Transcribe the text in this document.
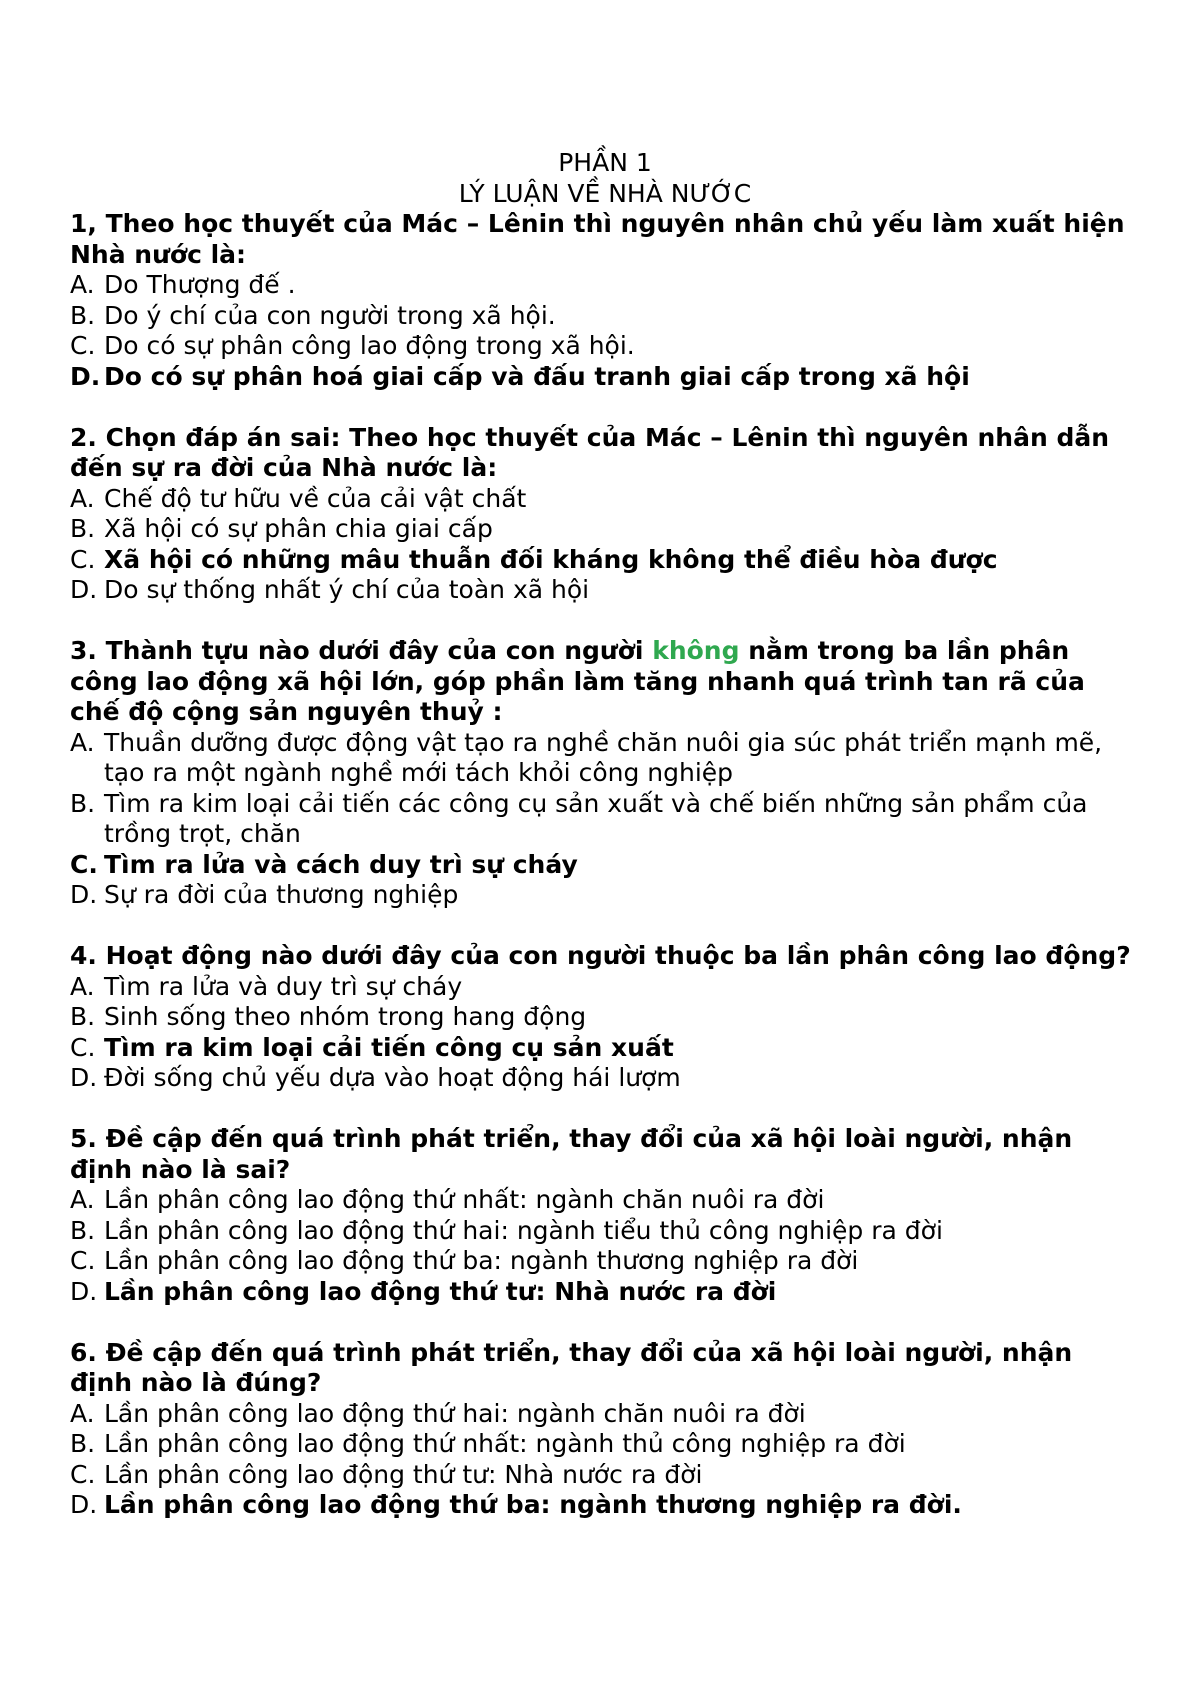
PHẦN 1
LÝ LUẬN VỀ NHÀ NƯỚC
1, Theo học thuyết của Mác – Lênin thì nguyên nhân chủ yếu làm xuất hiện Nhà nước là:
A. Do Thượng đế .
B. Do ý chí của con người trong xã hội.
C. Do có sự phân công lao động trong xã hội.
D. Do có sự phân hoá giai cấp và đấu tranh giai cấp trong xã hội
2. Chọn đáp án sai: Theo học thuyết của Mác – Lênin thì nguyên nhân dẫn đến sự ra đời của Nhà nước là:
A. Chế độ tư hữu về của cải vật chất
B. Xã hội có sự phân chia giai cấp
C. Xã hội có những mâu thuẫn đối kháng không thể điều hòa được
D. Do sự thống nhất ý chí của toàn xã hội
3. Thành tựu nào dưới đây của con người không nằm trong ba lần phân công lao động xã hội lớn, góp phần làm tăng nhanh quá trình tan rã của chế độ cộng sản nguyên thuỷ :
A. Thuần dưỡng được động vật tạo ra nghề chăn nuôi gia súc phát triển mạnh mẽ, tạo ra một ngành nghề mới tách khỏi công nghiệp
B. Tìm ra kim loại cải tiến các công cụ sản xuất và chế biến những sản phẩm của trồng trọt, chăn
C. Tìm ra lửa và cách duy trì sự cháy
D. Sự ra đời của thương nghiệp
4. Hoạt động nào dưới đây của con người thuộc ba lần phân công lao động?
A. Tìm ra lửa và duy trì sự cháy
B. Sinh sống theo nhóm trong hang động
C. Tìm ra kim loại cải tiến công cụ sản xuất
D. Đời sống chủ yếu dựa vào hoạt động hái lượm
5. Đề cập đến quá trình phát triển, thay đổi của xã hội loài người, nhận định nào là sai?
A. Lần phân công lao động thứ nhất: ngành chăn nuôi ra đời
B. Lần phân công lao động thứ hai: ngành tiểu thủ công nghiệp ra đời
C. Lần phân công lao động thứ ba: ngành thương nghiệp ra đời
D. Lần phân công lao động thứ tư: Nhà nước ra đời
6. Đề cập đến quá trình phát triển, thay đổi của xã hội loài người, nhận định nào là đúng?
A. Lần phân công lao động thứ hai: ngành chăn nuôi ra đời
B. Lần phân công lao động thứ nhất: ngành thủ công nghiệp ra đời
C. Lần phân công lao động thứ tư: Nhà nước ra đời
D. Lần phân công lao động thứ ba: ngành thương nghiệp ra đời.
